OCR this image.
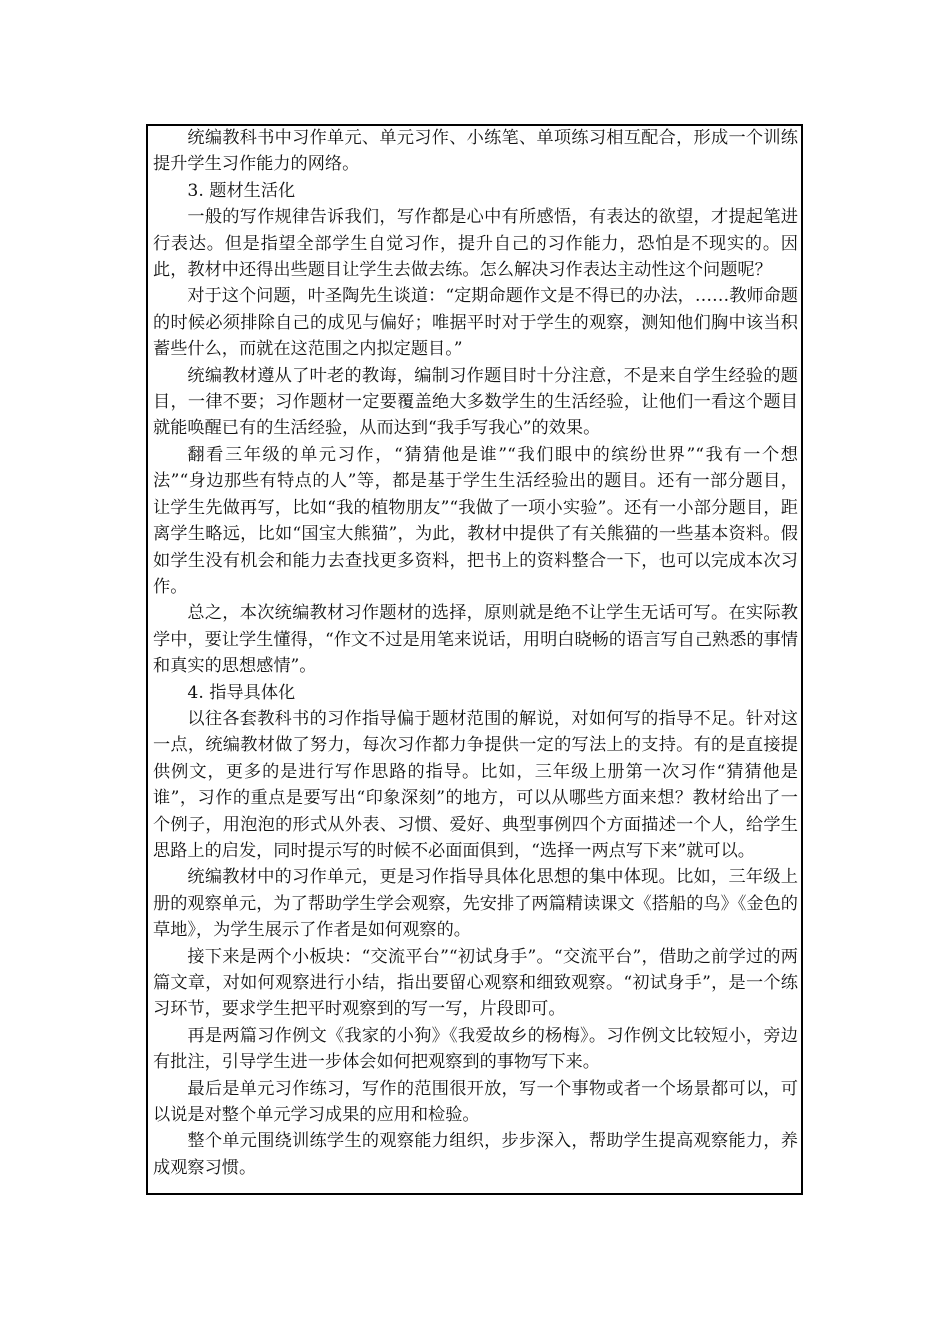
统编教科书中习作单元、单元习作、小练笔、单项练习相互配合，形成一个训练提升学生习作能力的网络。

3. 题材生活化

一般的写作规律告诉我们，写作都是心中有所感悟，有表达的欲望，才提起笔进行表达。但是指望全部学生自觉习作，提升自己的习作能力，恐怕是不现实的。因此，教材中还得出些题目让学生去做去练。怎么解决习作表达主动性这个问题呢？

对于这个问题，叶圣陶先生谈道：“定期命题作文是不得已的办法，……教师命题的时候必须排除自己的成见与偏好；唯据平时对于学生的观察，测知他们胸中该当积蓄些什么，而就在这范围之内拟定题目。”

统编教材遵从了叶老的教诲，编制习作题目时十分注意，不是来自学生经验的题目，一律不要；习作题材一定要覆盖绝大多数学生的生活经验，让他们一看这个题目就能唤醒已有的生活经验，从而达到“我手写我心”的效果。

翻看三年级的单元习作，“猜猜他是谁”“我们眼中的缤纷世界”“我有一个想法”“身边那些有特点的人”等，都是基于学生生活经验出的题目。还有一部分题目，让学生先做再写，比如“我的植物朋友”“我做了一项小实验”。还有一小部分题目，距离学生略远，比如“国宝大熊猫”，为此，教材中提供了有关熊猫的一些基本资料。假如学生没有机会和能力去查找更多资料，把书上的资料整合一下，也可以完成本次习作。

总之，本次统编教材习作题材的选择，原则就是绝不让学生无话可写。在实际教学中，要让学生懂得，“作文不过是用笔来说话，用明白晓畅的语言写自己熟悉的事情和真实的思想感情”。

4. 指导具体化

以往各套教科书的习作指导偏于题材范围的解说，对如何写的指导不足。针对这一点，统编教材做了努力，每次习作都力争提供一定的写法上的支持。有的是直接提供例文，更多的是进行写作思路的指导。比如，三年级上册第一次习作“猜猜他是谁”，习作的重点是要写出“印象深刻”的地方，可以从哪些方面来想？教材给出了一个例子，用泡泡的形式从外表、习惯、爱好、典型事例四个方面描述一个人，给学生思路上的启发，同时提示写的时候不必面面俱到，“选择一两点写下来”就可以。

统编教材中的习作单元，更是习作指导具体化思想的集中体现。比如，三年级上册的观察单元，为了帮助学生学会观察，先安排了两篇精读课文《搭船的鸟》《金色的草地》，为学生展示了作者是如何观察的。

接下来是两个小板块：“交流平台”“初试身手”。“交流平台”，借助之前学过的两篇文章，对如何观察进行小结，指出要留心观察和细致观察。“初试身手”，是一个练习环节，要求学生把平时观察到的写一写，片段即可。

再是两篇习作例文《我家的小狗》《我爱故乡的杨梅》。习作例文比较短小，旁边有批注，引导学生进一步体会如何把观察到的事物写下来。

最后是单元习作练习，写作的范围很开放，写一个事物或者一个场景都可以，可以说是对整个单元学习成果的应用和检验。

整个单元围绕训练学生的观察能力组织，步步深入，帮助学生提高观察能力，养成观察习惯。
